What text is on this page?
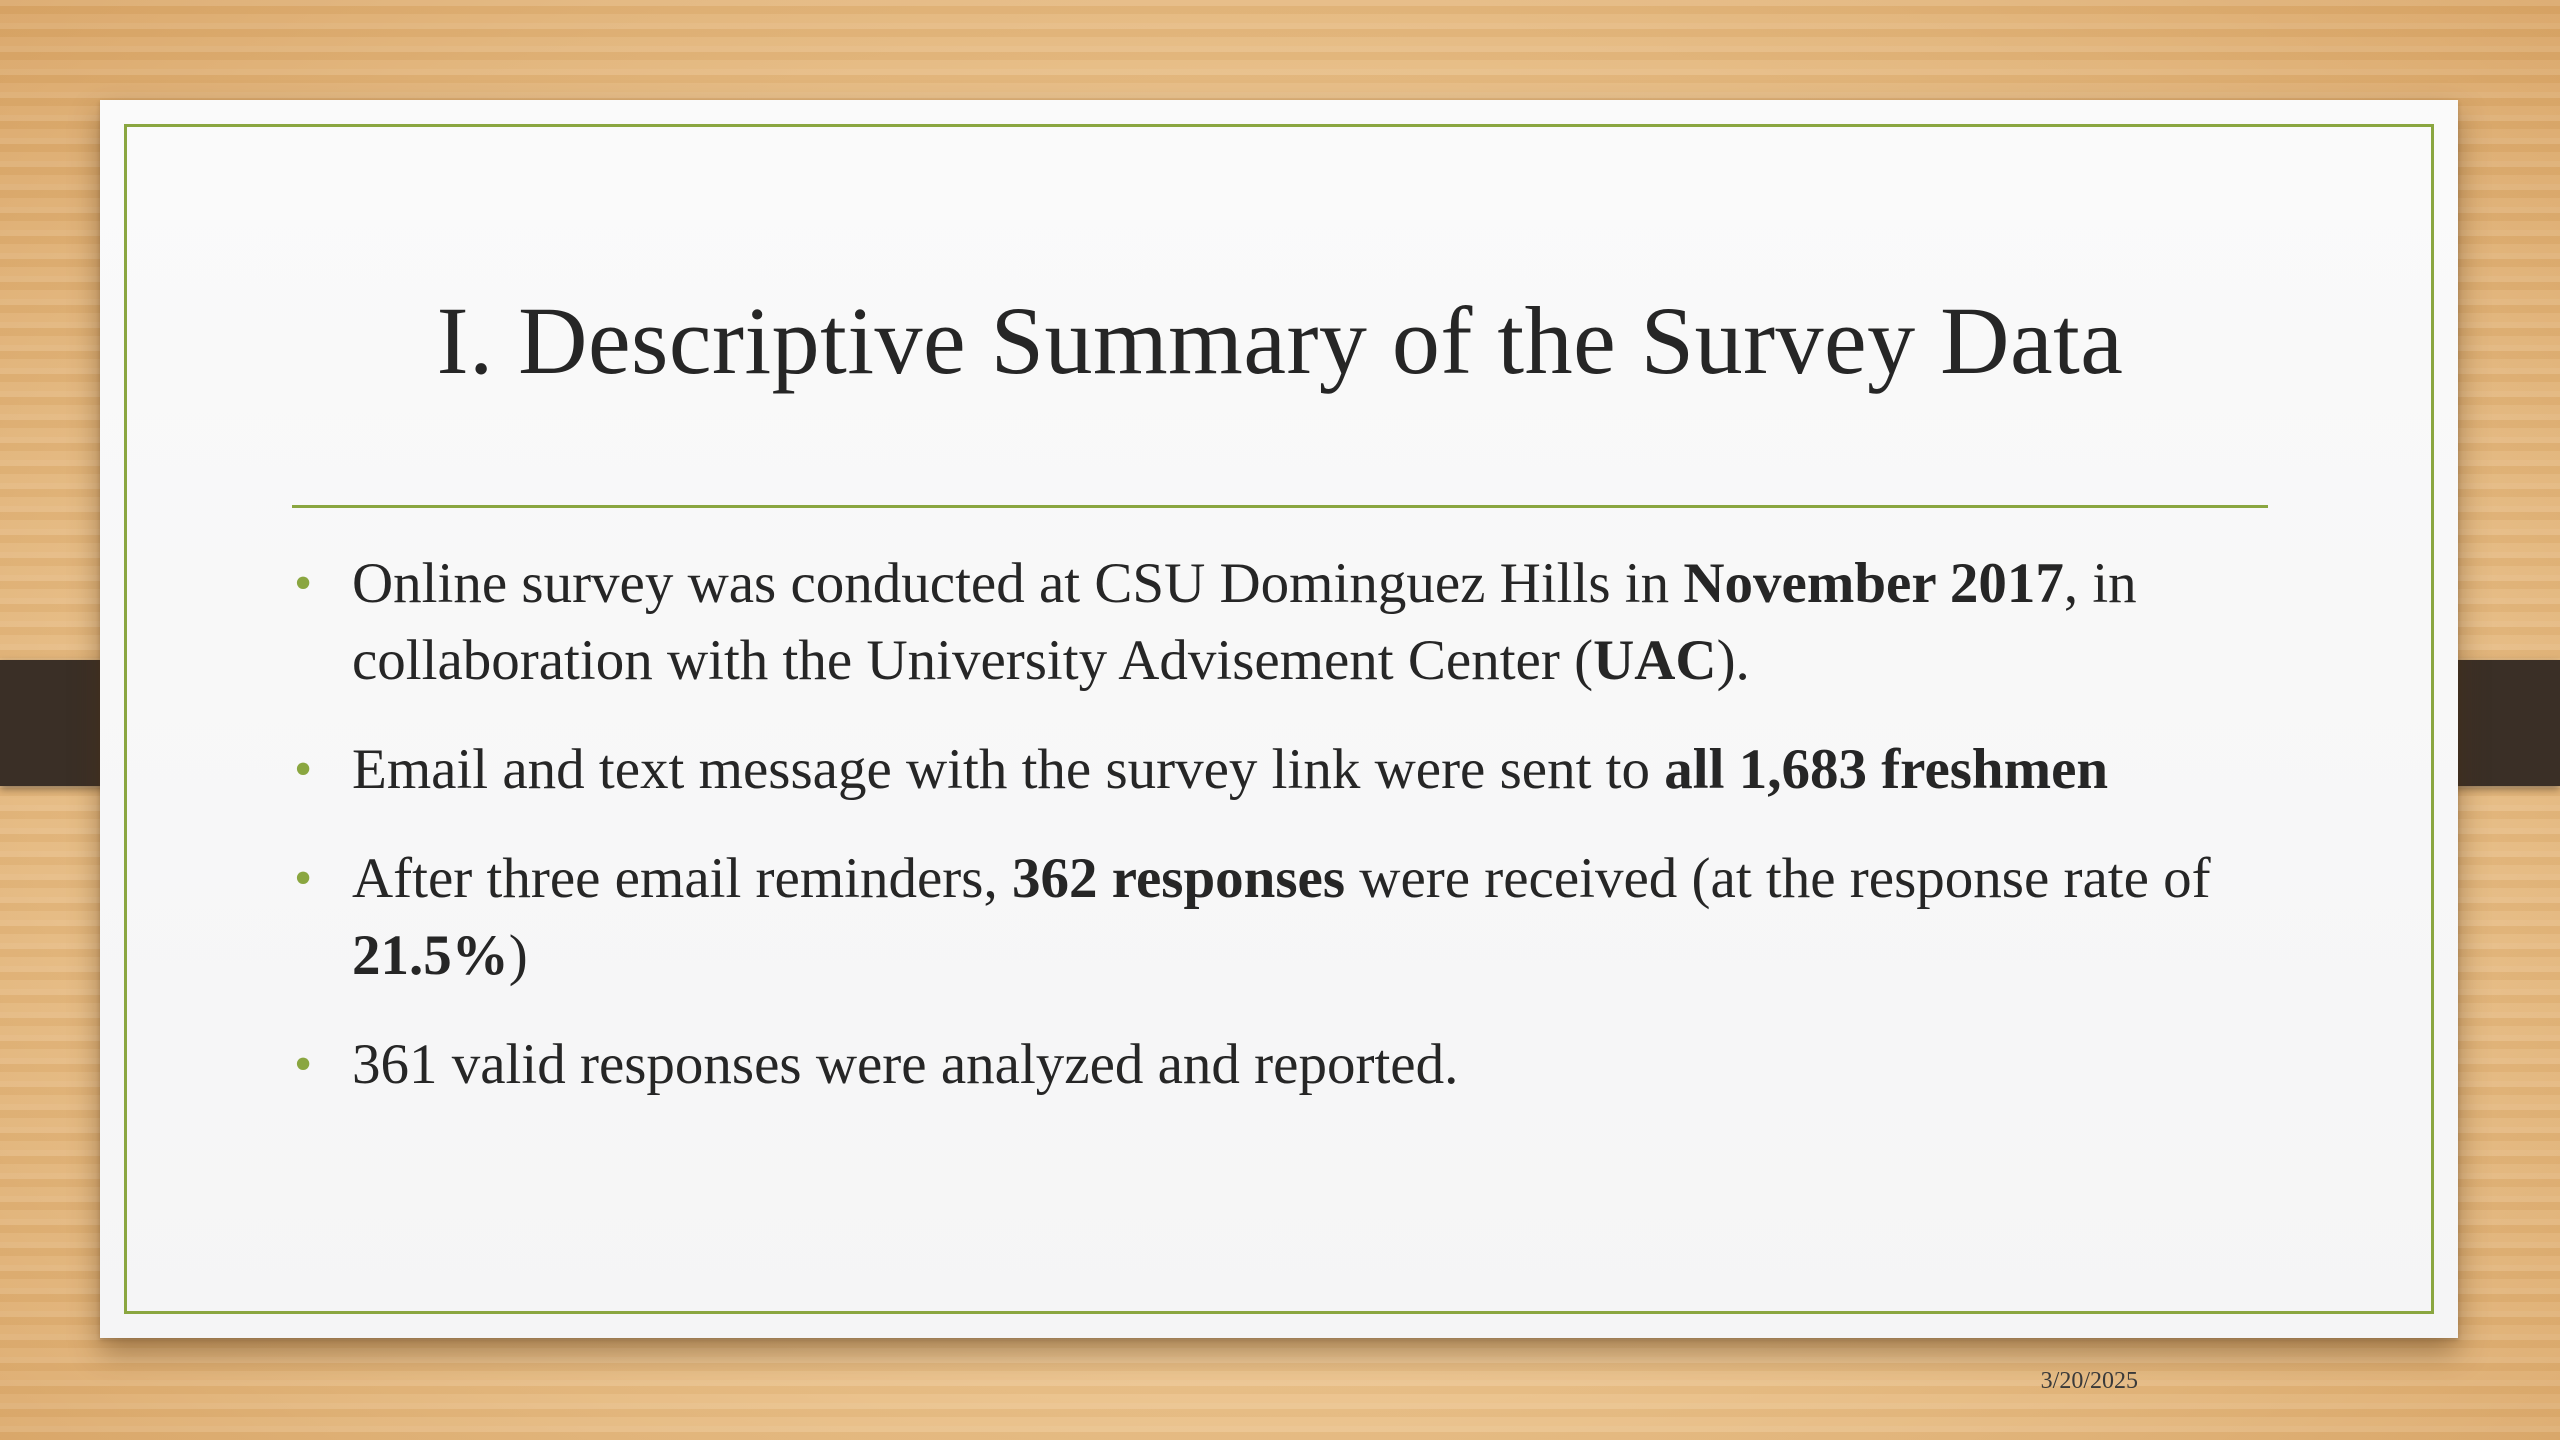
3/20/2025
I. Descriptive Summary of the Survey Data
• Online survey was conducted at CSU Dominguez Hills in November 2017, in collaboration with the University Advisement Center (UAC).
• Email and text message with the survey link were sent to all 1,683 freshmen
• After three email reminders, 362 responses were received (at the response rate of 21.5%)
• 361 valid responses were analyzed and reported.
